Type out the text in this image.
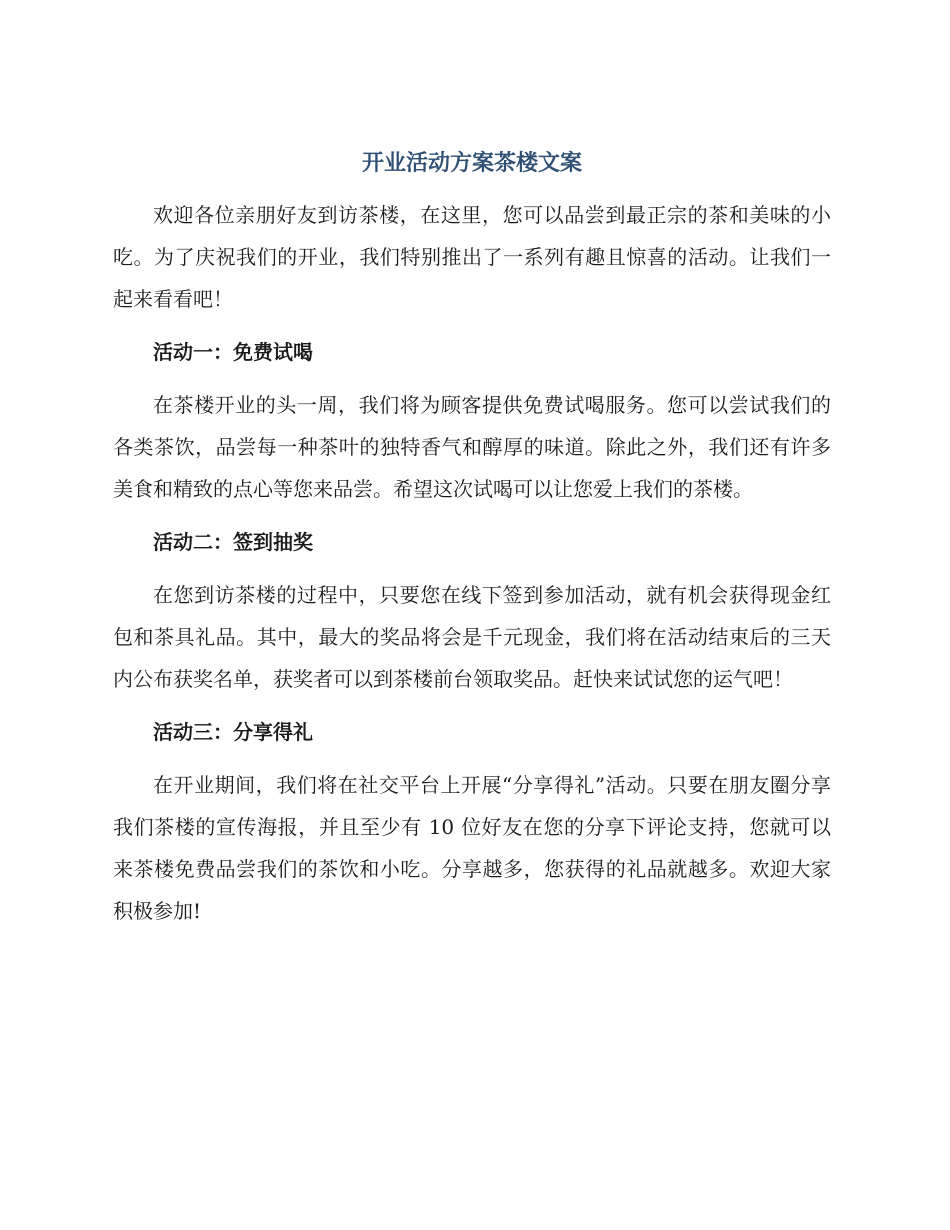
开业活动方案茶楼文案

欢迎各位亲朋好友到访茶楼，在这里，您可以品尝到最正宗的茶和美味的小吃。为了庆祝我们的开业，我们特别推出了一系列有趣且惊喜的活动。让我们一起来看看吧！

活动一：免费试喝

在茶楼开业的头一周，我们将为顾客提供免费试喝服务。您可以尝试我们的各类茶饮，品尝每一种茶叶的独特香气和醇厚的味道。除此之外，我们还有许多美食和精致的点心等您来品尝。希望这次试喝可以让您爱上我们的茶楼。

活动二：签到抽奖

在您到访茶楼的过程中，只要您在线下签到参加活动，就有机会获得现金红包和茶具礼品。其中，最大的奖品将会是千元现金，我们将在活动结束后的三天内公布获奖名单，获奖者可以到茶楼前台领取奖品。赶快来试试您的运气吧！

活动三：分享得礼

在开业期间，我们将在社交平台上开展“分享得礼”活动。只要在朋友圈分享我们茶楼的宣传海报，并且至少有 10 位好友在您的分享下评论支持，您就可以来茶楼免费品尝我们的茶饮和小吃。分享越多，您获得的礼品就越多。欢迎大家积极参加!
